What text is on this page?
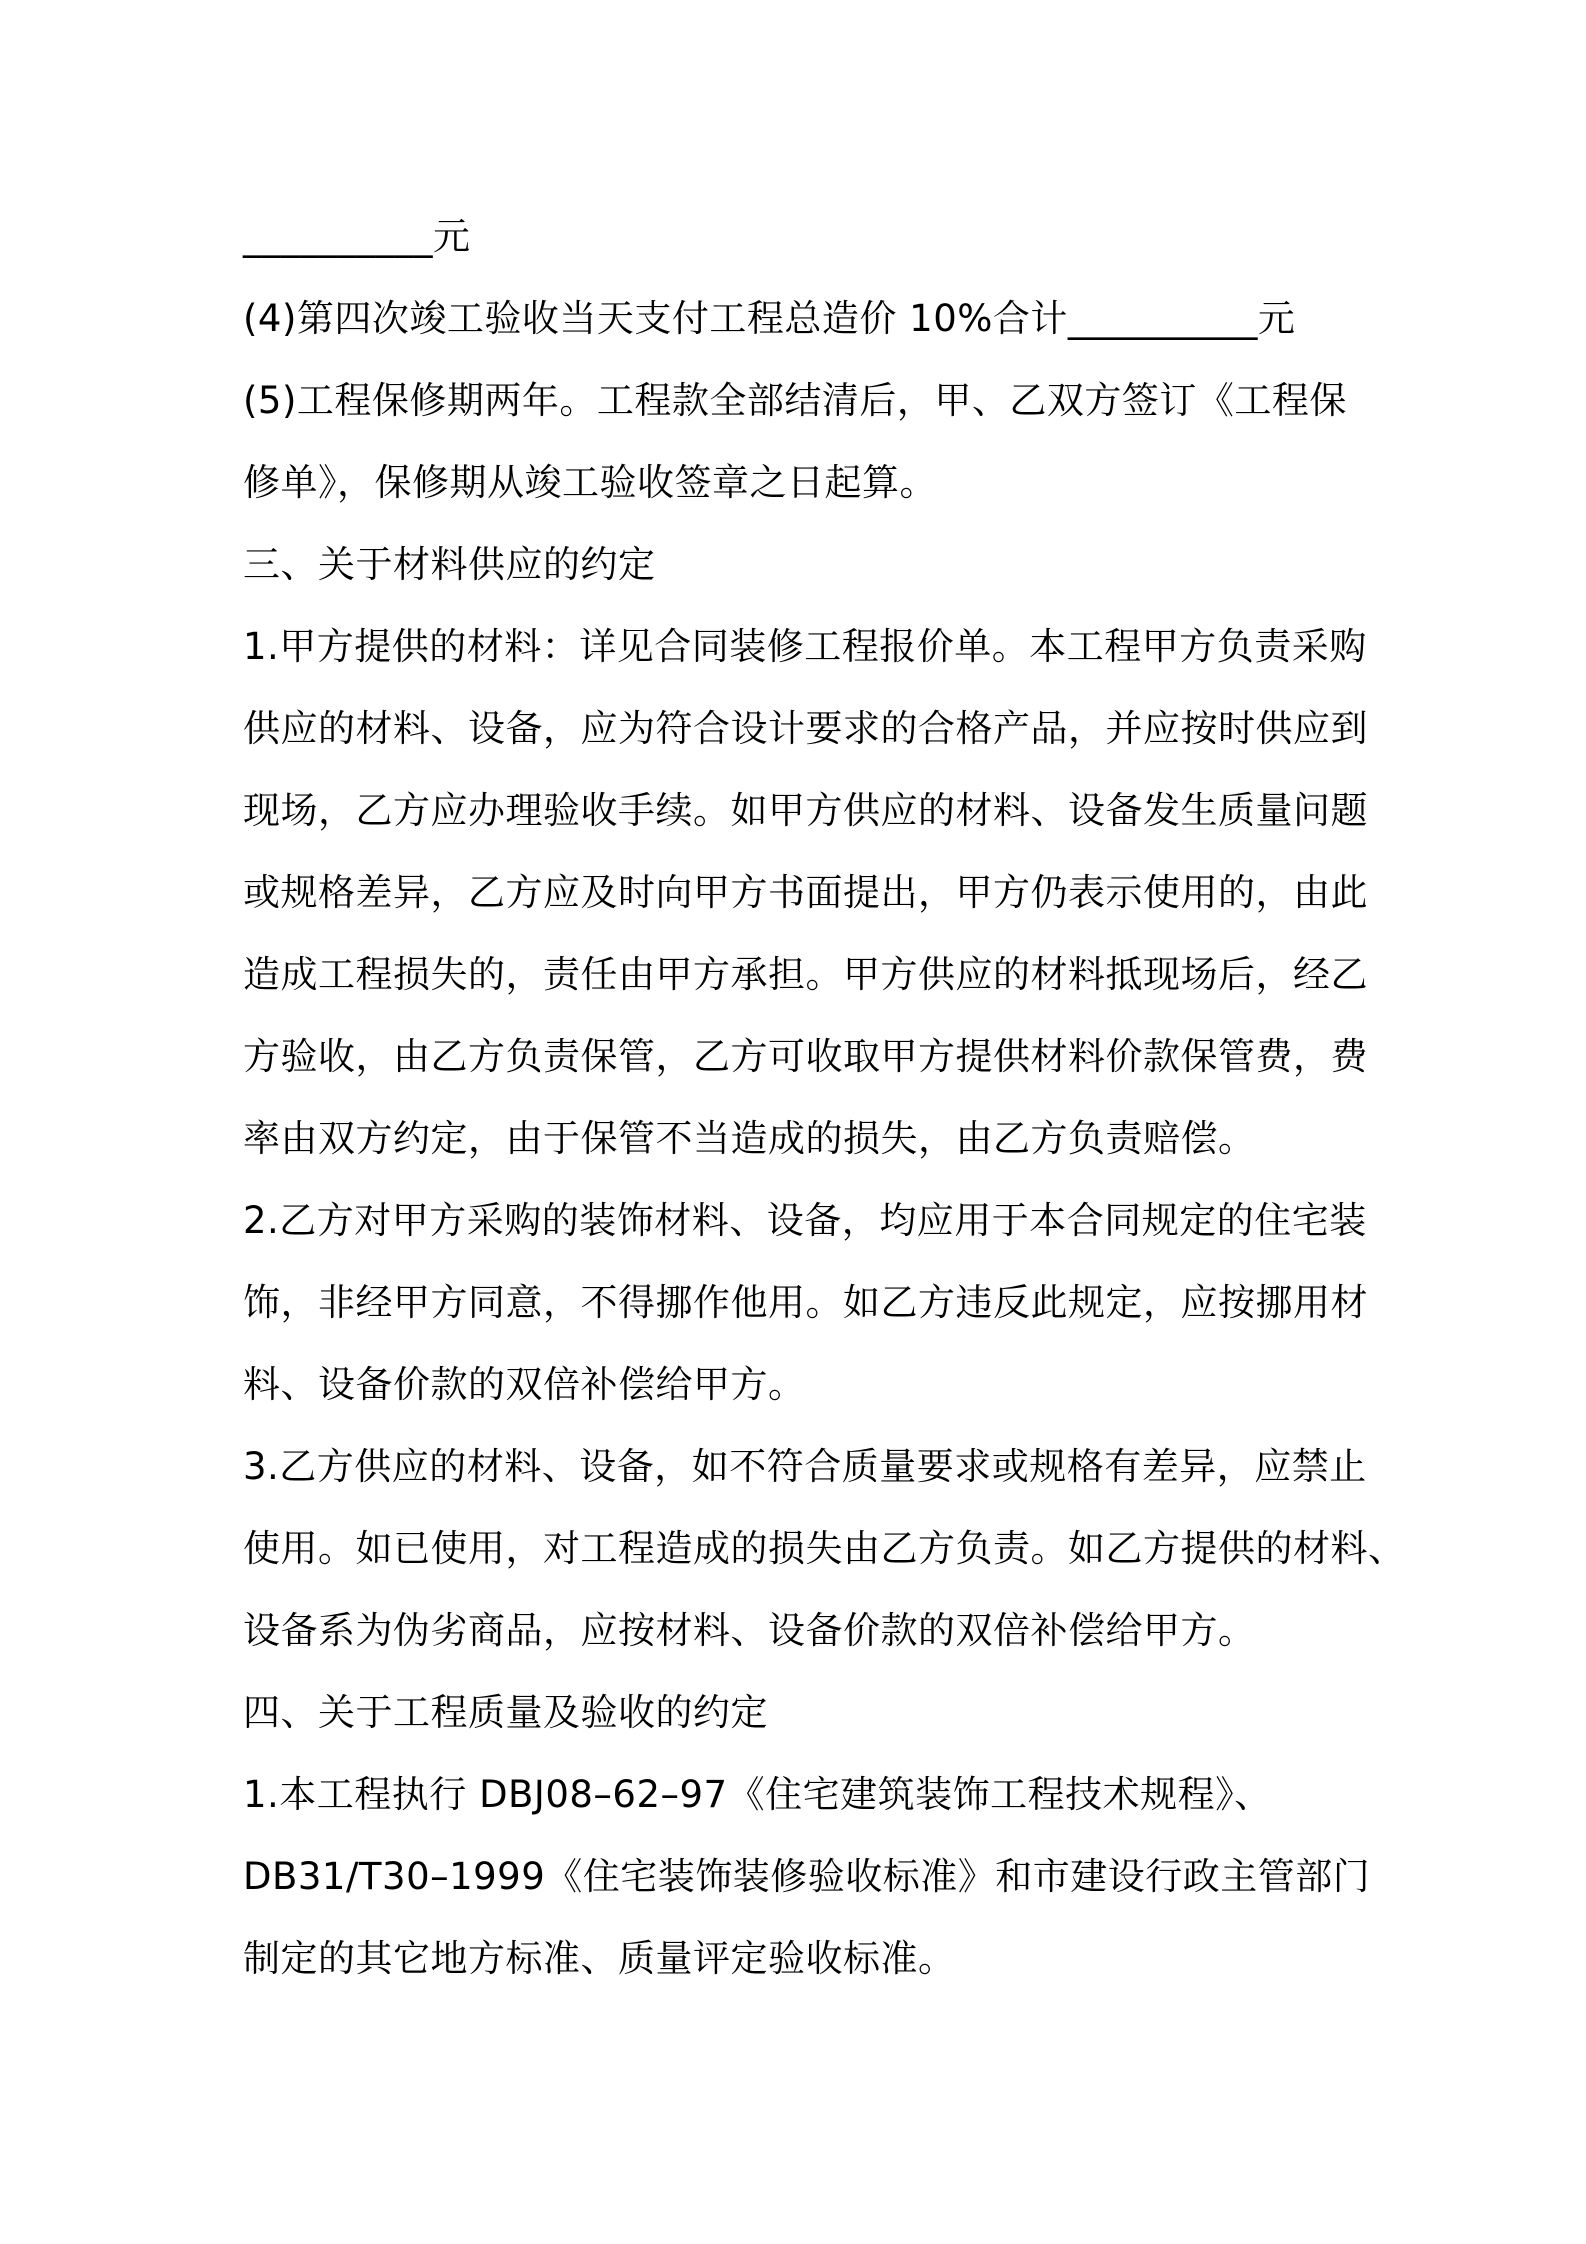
__________元
(4)第四次竣工验收当天支付工程总造价 10%合计__________元
(5)工程保修期两年。工程款全部结清后，甲、乙双方签订《工程保
修单》，保修期从竣工验收签章之日起算。
三、关于材料供应的约定
1.甲方提供的材料：详见合同装修工程报价单。本工程甲方负责采购
供应的材料、设备，应为符合设计要求的合格产品，并应按时供应到
现场，乙方应办理验收手续。如甲方供应的材料、设备发生质量问题
或规格差异，乙方应及时向甲方书面提出，甲方仍表示使用的，由此
造成工程损失的，责任由甲方承担。甲方供应的材料抵现场后，经乙
方验收，由乙方负责保管，乙方可收取甲方提供材料价款保管费，费
率由双方约定，由于保管不当造成的损失，由乙方负责赔偿。
2.乙方对甲方采购的装饰材料、设备，均应用于本合同规定的住宅装
饰，非经甲方同意，不得挪作他用。如乙方违反此规定，应按挪用材
料、设备价款的双倍补偿给甲方。
3.乙方供应的材料、设备，如不符合质量要求或规格有差异，应禁止
使用。如已使用，对工程造成的损失由乙方负责。如乙方提供的材料、
设备系为伪劣商品，应按材料、设备价款的双倍补偿给甲方。
四、关于工程质量及验收的约定
1.本工程执行 DBJ08–62–97《住宅建筑装饰工程技术规程》、
DB31/T30–1999《住宅装饰装修验收标准》和市建设行政主管部门
制定的其它地方标准、质量评定验收标准。
